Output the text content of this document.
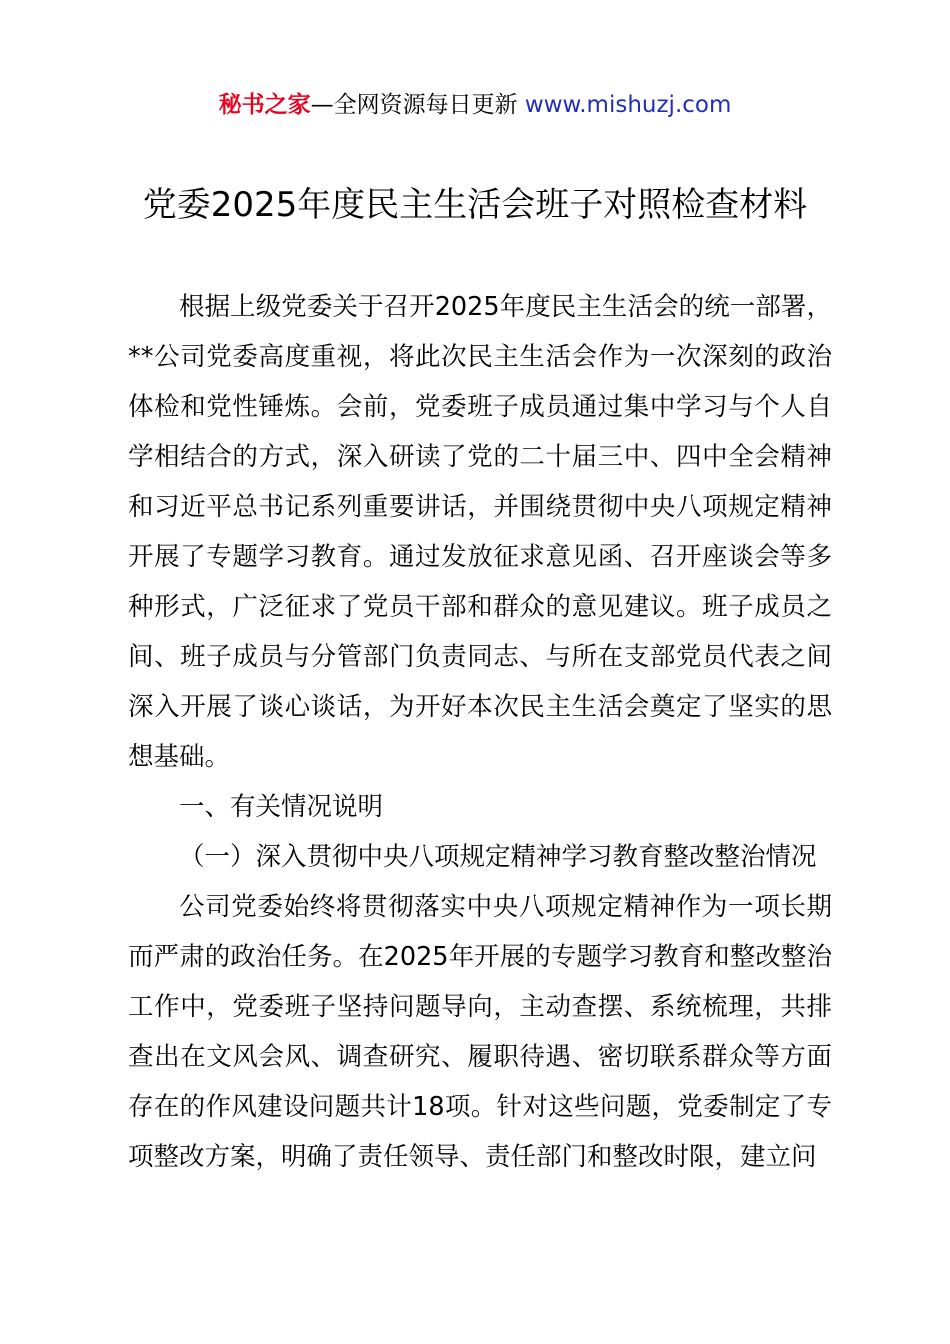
秘书之家—全网资源每日更新 www.mishuzj.com
党委2025年度民主生活会班子对照检查材料

根据上级党委关于召开2025年度民主生活会的统一部署，**公司党委高度重视，将此次民主生活会作为一次深刻的政治体检和党性锤炼。会前，党委班子成员通过集中学习与个人自学相结合的方式，深入研读了党的二十届三中、四中全会精神和习近平总书记系列重要讲话，并围绕贯彻中央八项规定精神开展了专题学习教育。通过发放征求意见函、召开座谈会等多种形式，广泛征求了党员干部和群众的意见建议。班子成员之间、班子成员与分管部门负责同志、与所在支部党员代表之间深入开展了谈心谈话，为开好本次民主生活会奠定了坚实的思想基础。

一、有关情况说明

（一）深入贯彻中央八项规定精神学习教育整改整治情况

公司党委始终将贯彻落实中央八项规定精神作为一项长期而严肃的政治任务。在2025年开展的专题学习教育和整改整治工作中，党委班子坚持问题导向，主动查摆、系统梳理，共排查出在文风会风、调查研究、履职待遇、密切联系群众等方面存在的作风建设问题共计18项。针对这些问题，党委制定了专项整改方案，明确了责任领导、责任部门和整改时限，建立问
